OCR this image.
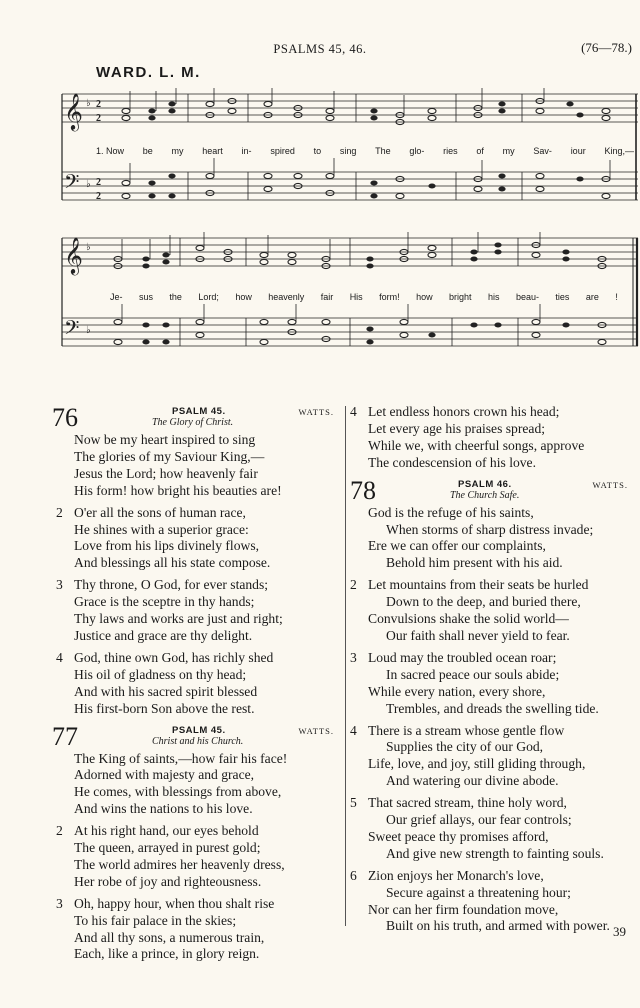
PSALMS 45, 46.	(76—78.)
WARD. L. M.
𝄞
𝄢
♭
♭
2
2
2
2
1. Now be my heart in- spired to sing The glo- ries of my Sav- iour King,—
𝄞
𝄢
♭
♭
Je- sus the Lord; how heavenly fair His form! how bright his beau- ties are !
76	PSALM 45.	WATTS.
The Glory of Christ.
Now be my heart inspired to sing
The glories of my Saviour King,—
Jesus the Lord; how heavenly fair
His form! how bright his beauties are!
2 O'er all the sons of human race,
He shines with a superior grace:
Love from his lips divinely flows,
And blessings all his state compose.
3 Thy throne, O God, for ever stands;
Grace is the sceptre in thy hands;
Thy laws and works are just and right;
Justice and grace are thy delight.
4 God, thine own God, has richly shed
His oil of gladness on thy head;
And with his sacred spirit blessed
His first-born Son above the rest.
77	PSALM 45.	WATTS.
Christ and his Church.
The King of saints,—how fair his face!
Adorned with majesty and grace,
He comes, with blessings from above,
And wins the nations to his love.
2 At his right hand, our eyes behold
The queen, arrayed in purest gold;
The world admires her heavenly dress,
Her robe of joy and righteousness.
3 Oh, happy hour, when thou shalt rise
To his fair palace in the skies;
And all thy sons, a numerous train,
Each, like a prince, in glory reign.
4 Let endless honors crown his head;
Let every age his praises spread;
While we, with cheerful songs, approve
The condescension of his love.
78	PSALM 46.	WATTS.
The Church Safe.
God is the refuge of his saints,
When storms of sharp distress invade;
Ere we can offer our complaints,
Behold him present with his aid.
2 Let mountains from their seats be hurled
Down to the deep, and buried there,
Convulsions shake the solid world—
Our faith shall never yield to fear.
3 Loud may the troubled ocean roar;
In sacred peace our souls abide;
While every nation, every shore,
Trembles, and dreads the swelling tide.
4 There is a stream whose gentle flow
Supplies the city of our God,
Life, love, and joy, still gliding through,
And watering our divine abode.
5 That sacred stream, thine holy word,
Our grief allays, our fear controls;
Sweet peace thy promises afford,
And give new strength to fainting souls.
6 Zion enjoys her Monarch's love,
Secure against a threatening hour;
Nor can her firm foundation move,
Built on his truth, and armed with power. 39
